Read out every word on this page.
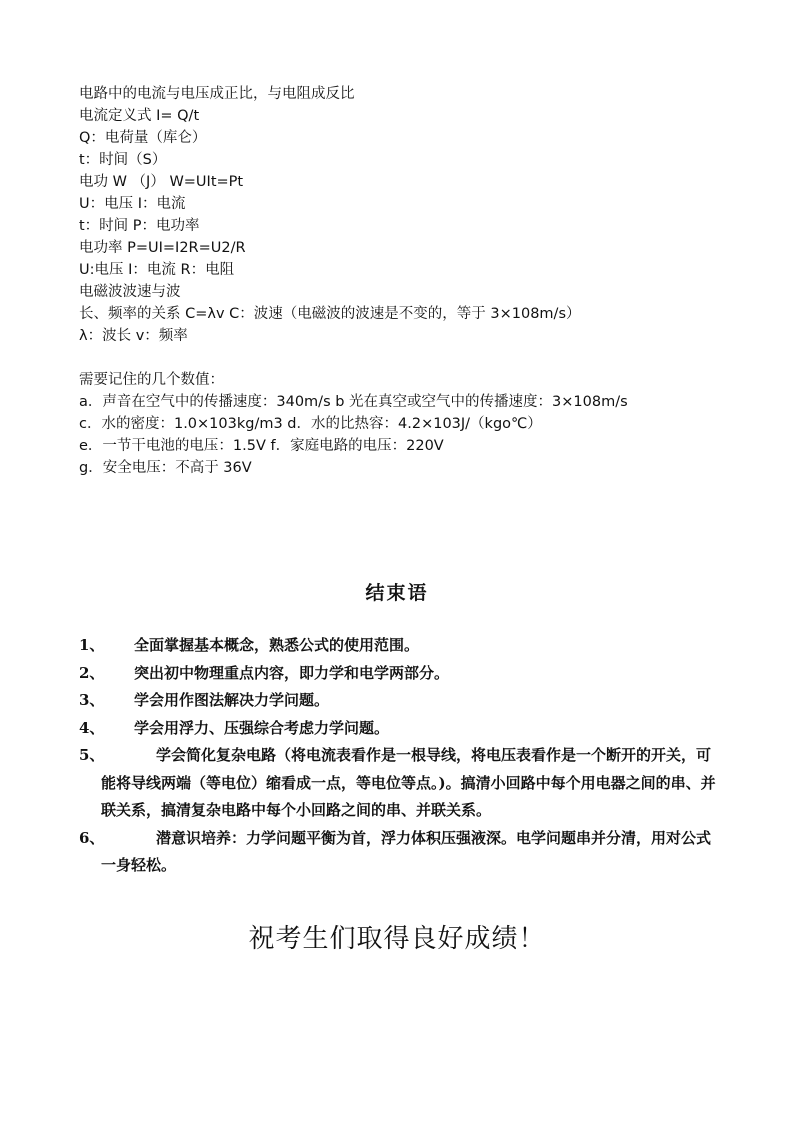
电路中的电流与电压成正比，与电阻成反比
电流定义式 I= Q/t
Q：电荷量（库仑）
t：时间（S）
电功 W （J） W=UIt=Pt
U：电压 I：电流
t：时间 P：电功率
电功率 P=UI=I2R=U2/R
U:电压 I：电流 R：电阻
电磁波波速与波
长、频率的关系 C=λv C：波速（电磁波的波速是不变的，等于 3×108m/s）
λ：波长 v：频率
需要记住的几个数值：
a．声音在空气中的传播速度：340m/s b 光在真空或空气中的传播速度：3×108m/s
c．水的密度：1.0×103kg/m3 d．水的比热容：4.2×103J/（kgo℃）
e．一节干电池的电压：1.5V f．家庭电路的电压：220V
g．安全电压：不高于 36V
结束语
1、	全面掌握基本概念，熟悉公式的使用范围。
2、	突出初中物理重点内容，即力学和电学两部分。
3、	学会用作图法解决力学问题。
4、	学会用浮力、压强综合考虑力学问题。
5、	学会简化复杂电路（将电流表看作是一根导线，将电压表看作是一个断开的开关，可能将导线两端（等电位）缩看成一点，等电位等点。)。搞清小回路中每个用电器之间的串、并联关系，搞清复杂电路中每个小回路之间的串、并联关系。
6、	潜意识培养：力学问题平衡为首，浮力体积压强液深。电学问题串并分清，用对公式一身轻松。
祝考生们取得良好成绩！
